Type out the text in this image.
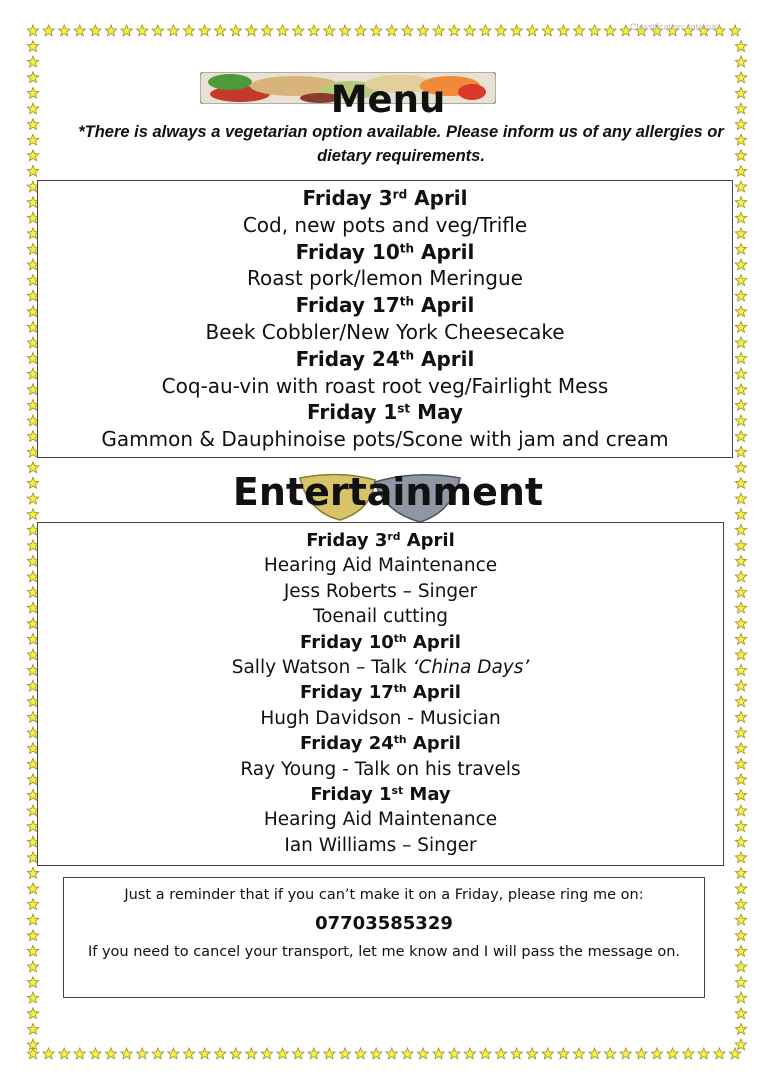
Classification: Internal
Menu
*There is always a vegetarian option available. Please inform us of any allergies or dietary requirements.
Friday 3rd April
Cod, new pots and veg/Trifle
Friday 10th April
Roast pork/lemon Meringue
Friday 17th April
Beek Cobbler/New York Cheesecake
Friday 24th April
Coq-au-vin with roast root veg/Fairlight Mess
Friday 1st May
Gammon & Dauphinoise pots/Scone with jam and cream
Entertainment
Friday 3rd April
Hearing Aid Maintenance
Jess Roberts – Singer
Toenail cutting
Friday 10th April
Sally Watson – Talk ‘China Days’
Friday 17th April
Hugh Davidson - Musician
Friday 24th April
Ray Young - Talk on his travels
Friday 1st May
Hearing Aid Maintenance
Ian Williams – Singer
Just a reminder that if you can’t make it on a Friday, please ring me on:
07703585329
If you need to cancel your transport, let me know and I will pass the message on.
